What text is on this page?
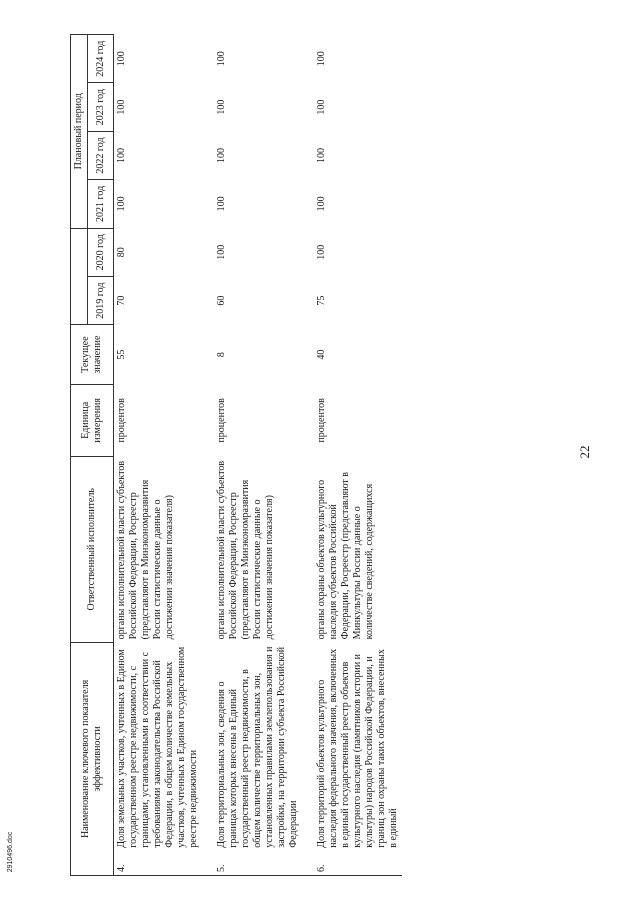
22
2910496.doc
Наименование ключевого показателя эффективности		Ответственный исполнитель	Единица измерения	Текущее значение			Плановый период			

					2019 год	2020 год	2021 год	2022 год	2023 год	2024 год
4.	Доля земельных участков, учтенных в Едином государственном реестре недвижимости, с границами, установленными в соответствии с требованиями законодательства Российской Федерации, в общем количестве земельных участков, учтенных в Едином государственном реестре недвижимости	органы исполнительной власти субъектов Российской Федерации, Росреестр (представляют в Минэкономразвития России статистические данные о достижении значения показателя)	процентов	55	70	80	100	100	100	100
5.	Доля территориальных зон, сведения о границах которых внесены в Единый государственный реестр недвижимости, в общем количестве территориальных зон, установленных правилами землепользования и застройки, на территории субъекта Российской Федерации	органы исполнительной власти субъектов Российской Федерации, Росреестр (представляют в Минэкономразвития России статистические данные о достижении значения показателя)	процентов	8	60	100	100	100	100	100
6.	Доля территорий объектов культурного наследия федерального значения, включенных в единый государственный реестр объектов культурного наследия (памятников истории и культуры) народов Российской Федерации, и границ зон охраны таких объектов, внесенных в единый	органы охраны объектов культурного наследия субъектов Российской Федерации, Росреестр (представляют в Минкультуры России данные о количестве сведений, содержащихся	процентов	40	75	100	100	100	100	100
